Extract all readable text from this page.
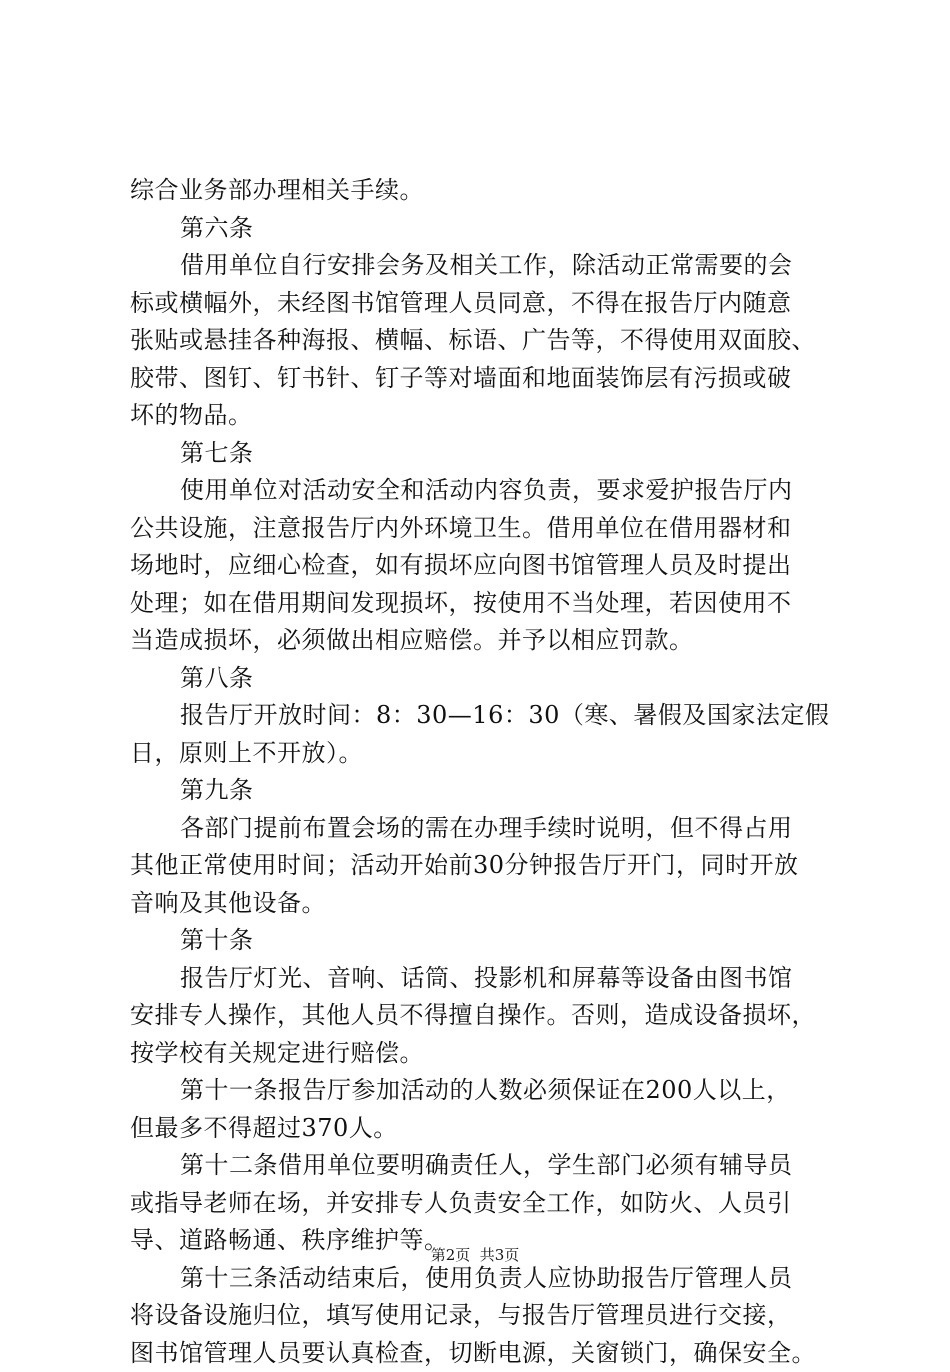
综合业务部办理相关手续。
第六条
借用单位自行安排会务及相关工作，除活动正常需要的会
标或横幅外，未经图书馆管理人员同意，不得在报告厅内随意
张贴或悬挂各种海报、横幅、标语、广告等，不得使用双面胶、
胶带、图钉、钉书针、钉子等对墙面和地面装饰层有污损或破
坏的物品。
第七条
使用单位对活动安全和活动内容负责，要求爱护报告厅内
公共设施，注意报告厅内外环境卫生。借用单位在借用器材和
场地时，应细心检查，如有损坏应向图书馆管理人员及时提出
处理；如在借用期间发现损坏，按使用不当处理，若因使用不
当造成损坏，必须做出相应赔偿。并予以相应罚款。
第八条
报告厅开放时间：8：30—16：30（寒、暑假及国家法定假
日，原则上不开放）。
第九条
各部门提前布置会场的需在办理手续时说明，但不得占用
其他正常使用时间；活动开始前30分钟报告厅开门，同时开放
音响及其他设备。
第十条
报告厅灯光、音响、话筒、投影机和屏幕等设备由图书馆
安排专人操作，其他人员不得擅自操作。否则，造成设备损坏，
按学校有关规定进行赔偿。
第十一条报告厅参加活动的人数必须保证在200人以上，
但最多不得超过370人。
第十二条借用单位要明确责任人，学生部门必须有辅导员
或指导老师在场，并安排专人负责安全工作，如防火、人员引
导、道路畅通、秩序维护等。
第十三条活动结束后，使用负责人应协助报告厅管理人员
将设备设施归位，填写使用记录，与报告厅管理员进行交接，
图书馆管理人员要认真检查，切断电源，关窗锁门，确保安全。
第2页  共3页
